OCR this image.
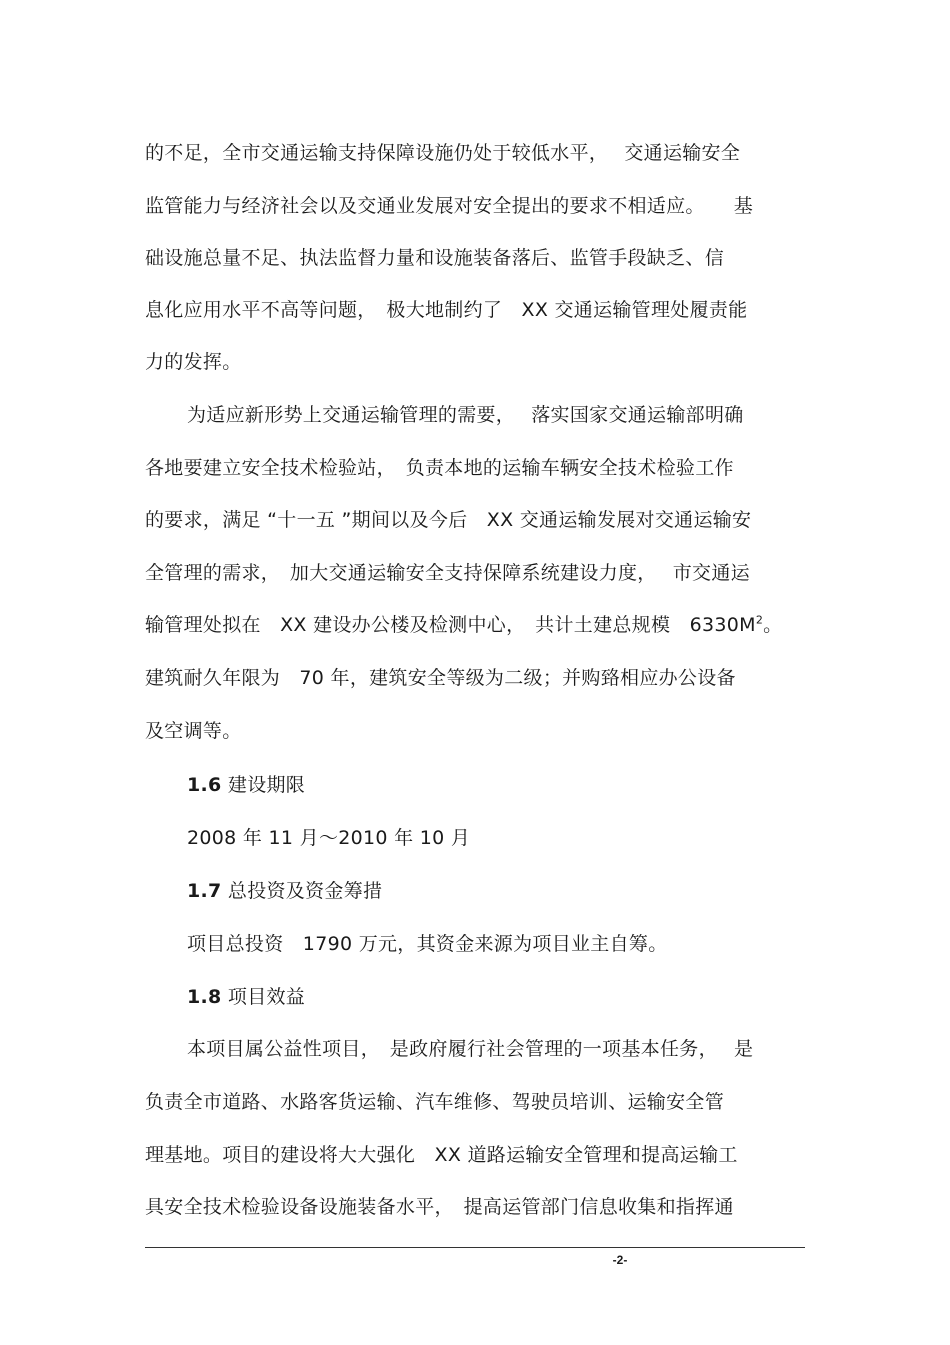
的不足，全市交通运输支持保障设施仍处于较低水平，　 交通运输安全
监管能力与经济社会以及交通业发展对安全提出的要求不相适应。　　基
础设施总量不足、执法监督力量和设施装备落后、监管手段缺乏、信
息化应用水平不高等问题，　极大地制约了　XX 交通运输管理处履责能
力的发挥。
为适应新形势上交通运输管理的需要，　 落实国家交通运输部明确
各地要建立安全技术检验站，　负责本地的运输车辆安全技术检验工作
的要求，满足 “十一五 ”期间以及今后　XX 交通运输发展对交通运输安
全管理的需求，　加大交通运输安全支持保障系统建设力度，　 市交通运
输管理处拟在　XX 建设办公楼及检测中心，　共计土建总规模　$6330M^2$。
建筑耐久年限为　70 年，建筑安全等级为二级；并购臵相应办公设备
及空调等。
1.6 建设期限
2008 年 11 月～2010 年 10 月
1.7 总投资及资金筹措
项目总投资　1790 万元，其资金来源为项目业主自筹。
1.8 项目效益
本项目属公益性项目，　是政府履行社会管理的一项基本任务，　 是
负责全市道路、水路客货运输、汽车维修、驾驶员培训、运输安全管
理基地。项目的建设将大大强化　XX 道路运输安全管理和提高运输工
具安全技术检验设备设施装备水平，　提高运管部门信息收集和指挥通
-2-
